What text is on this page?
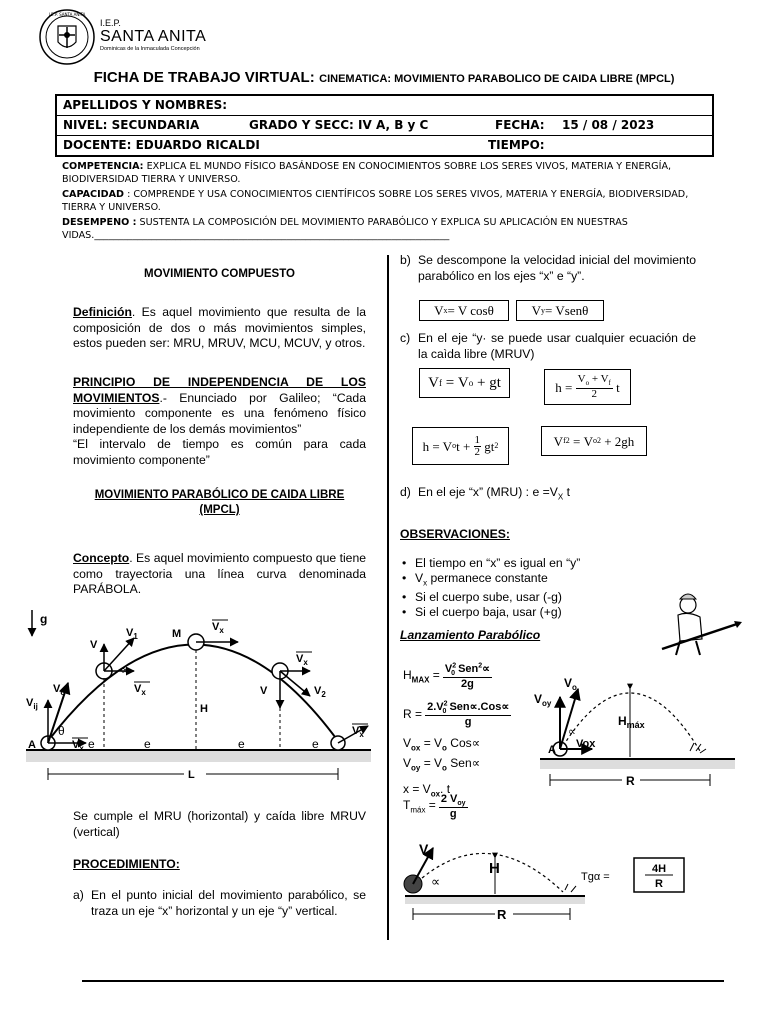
I.E.P. SANTA ANITA
I.E.P.
SANTA ANITA
Dominicas de la Inmaculada Concepción
FICHA DE TRABAJO VIRTUAL: CINEMATICA: MOVIMIENTO PARABOLICO DE CAIDA LIBRE (MPCL)
APELLIDOS Y NOMBRES:
NIVEL: SECUNDARIA	GRADO Y SECC: IV A, B y C	FECHA: 15 / 08 / 2023
DOCENTE: EDUARDO RICALDI	TIEMPO:

COMPETENCIA: EXPLICA EL MUNDO FÍSICO BASÁNDOSE EN CONOCIMIENTOS SOBRE LOS SERES VIVOS, MATERIA Y ENERGÍA, BIODIVERSIDAD TIERRA Y UNIVERSO.

CAPACIDAD : COMPRENDE Y USA CONOCIMIENTOS CIENTÍFICOS SOBRE LOS SERES VIVOS, MATERIA Y ENERGÍA, BIODIVERSIDAD, TIERRA Y UNIVERSO.

DESEMPENO : SUSTENTA LA COMPOSICIÓN DEL MOVIMIENTO PARABÓLICO Y EXPLICA SU APLICACIÓN EN NUESTRAS VIDAS.__________________________________________________________________________

MOVIMIENTO COMPUESTO
Definición. Es aquel movimiento que resulta de la composición de dos o más movimientos simples, estos pueden ser: MRU, MRUV, MCU, MCUV, y otros.
PRINCIPIO DE INDEPENDENCIA DE LOS MOVIMIENTOS.- Enunciado por Galileo; “Cada movimiento componente es una fenómeno físico independiente de los demás movimientos”
“El intervalo de tiempo es común para cada movimiento componente”
MOVIMIENTO PARABÓLICO DE CAIDA LIBRE (MPCL)
Concepto. Es aquel movimiento compuesto que tiene como trayectoria una línea curva denominada PARÁBOLA.
g
V
$V_1$	M
$V_x$
∝
$V_x$
$V_x$
V	$V_2$
$V_o$
$V_{ij}$
θ
A	$V_x$ e	e	e	e
H
$V_x$
L
Se cumple el MRU (horizontal) y caída libre MRUV (vertical)
PROCEDIMIENTO:
a) En el punto inicial del movimiento parabólico, se traza un eje “x” horizontal y un eje “y” vertical.
b) Se descompone la velocidad inicial del movimiento parabólico en los ejes “x” e “y”.
V x = V cosθ	V y = Vsenθ
c) En el eje “y· se puede usar cualquier ecuación de la caìda libre (MRUV)
V f = V o + gt	h =
$V_o + V_f$
2 t
h = V o t + 1
2 gt 2	V f 2 = V o 2 + 2gh
d) En el eje “x” (MRU) : $e =V_X$ t
OBSERVACIONES:
• El tiempo en “x” es igual en “y”
• $V_x$ permanece constante
• Si el cuerpo sube, usar (-g)
• Si el cuerpo baja, usar (+g)
Lanzamiento Parabólico
$H_{MAX}$ =
$V^2_0$ Sen$^2$∝
2g
R =

$2.V^2_0$ Sen∝.Cos∝
g
$V_{ox} = V_o$ Cos∝
$V_{oy} = V_o$ Sen∝
$x = V_{ox}$. t
$T_{máx}$ =
2 $V_{oy}$
g
$V_{oy}$
$V_o$
∝
A Vox
$H_{máx}$
R
V
H
∝
R
Tgα =
4H
R
